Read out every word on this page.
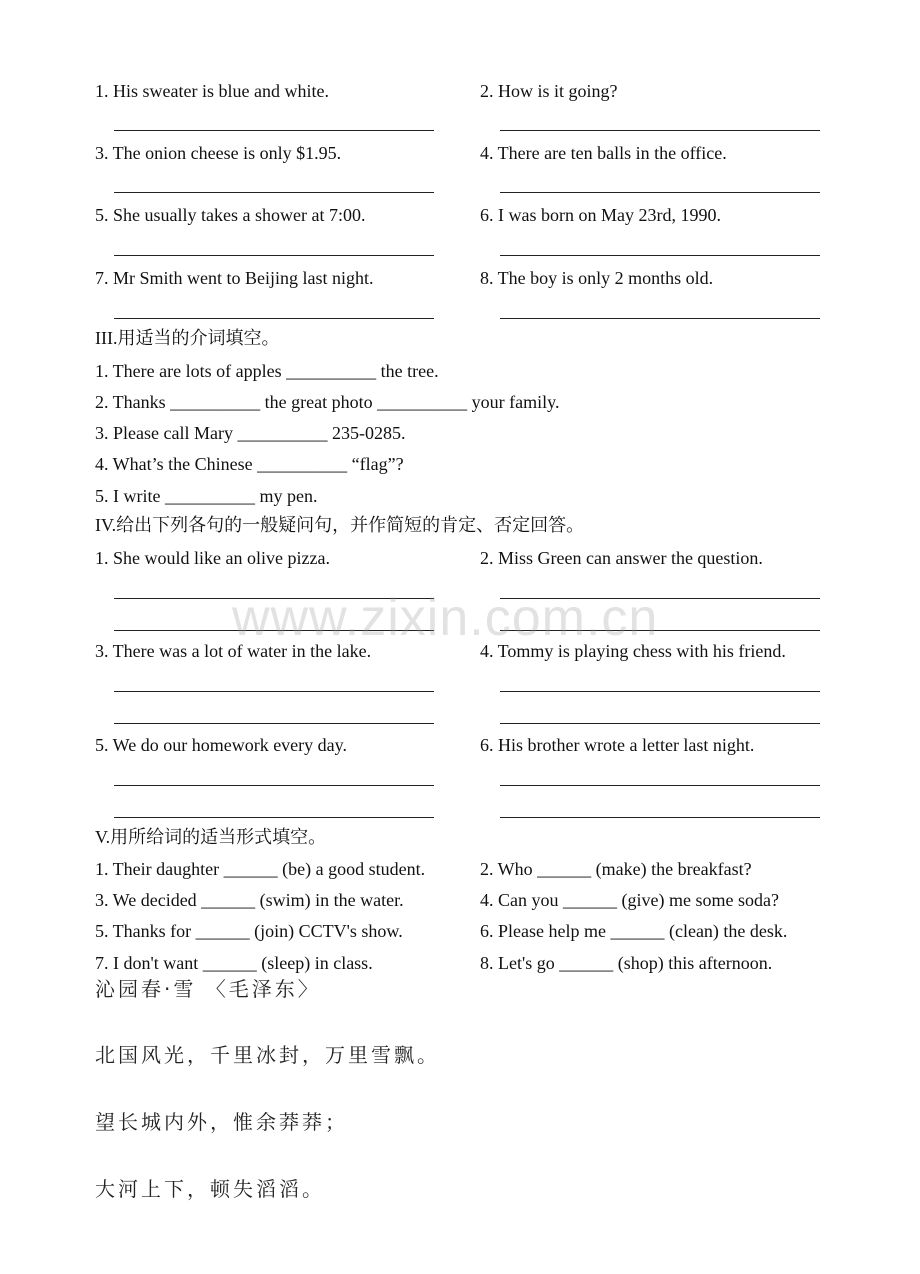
1. His sweater is blue and white.	2. How is it going?
3. The onion cheese is only $1.95.	4. There are ten balls in the office.
5. She usually takes a shower at 7:00.	6. I was born on May 23rd, 1990.
7. Mr Smith went to Beijing last night.	8. The boy is only 2 months old.
III.用适当的介词填空。
1. There are lots of apples __________ the tree.
2. Thanks __________ the great photo __________ your family.
3. Please call Mary __________ 235-0285.
4. What’s the Chinese __________ “flag”?
5. I write __________ my pen.
IV.给出下列各句的一般疑问句，并作简短的肯定、否定回答。
1. She would like an olive pizza.	2. Miss Green can answer the question.
3. There was a lot of water in the lake.	4. Tommy is playing chess with his friend.
5. We do our homework every day.	6. His brother wrote a letter last night.
V.用所给词的适当形式填空。
1. Their daughter ______ (be) a good student.	2. Who ______ (make) the breakfast?
3. We decided ______ (swim) in the water.	4. Can you ______ (give) me some soda?
5. Thanks for ______ (join) CCTV's show.	6. Please help me ______ (clean) the desk.
7. I don't want ______ (sleep) in class.	8. Let's go ______ (shop) this afternoon.
沁园春·雪 〈毛泽东〉
北国风光，千里冰封，万里雪飘。
望长城内外，惟余莽莽；
大河上下，顿失滔滔。
www.zixin.com.cn
